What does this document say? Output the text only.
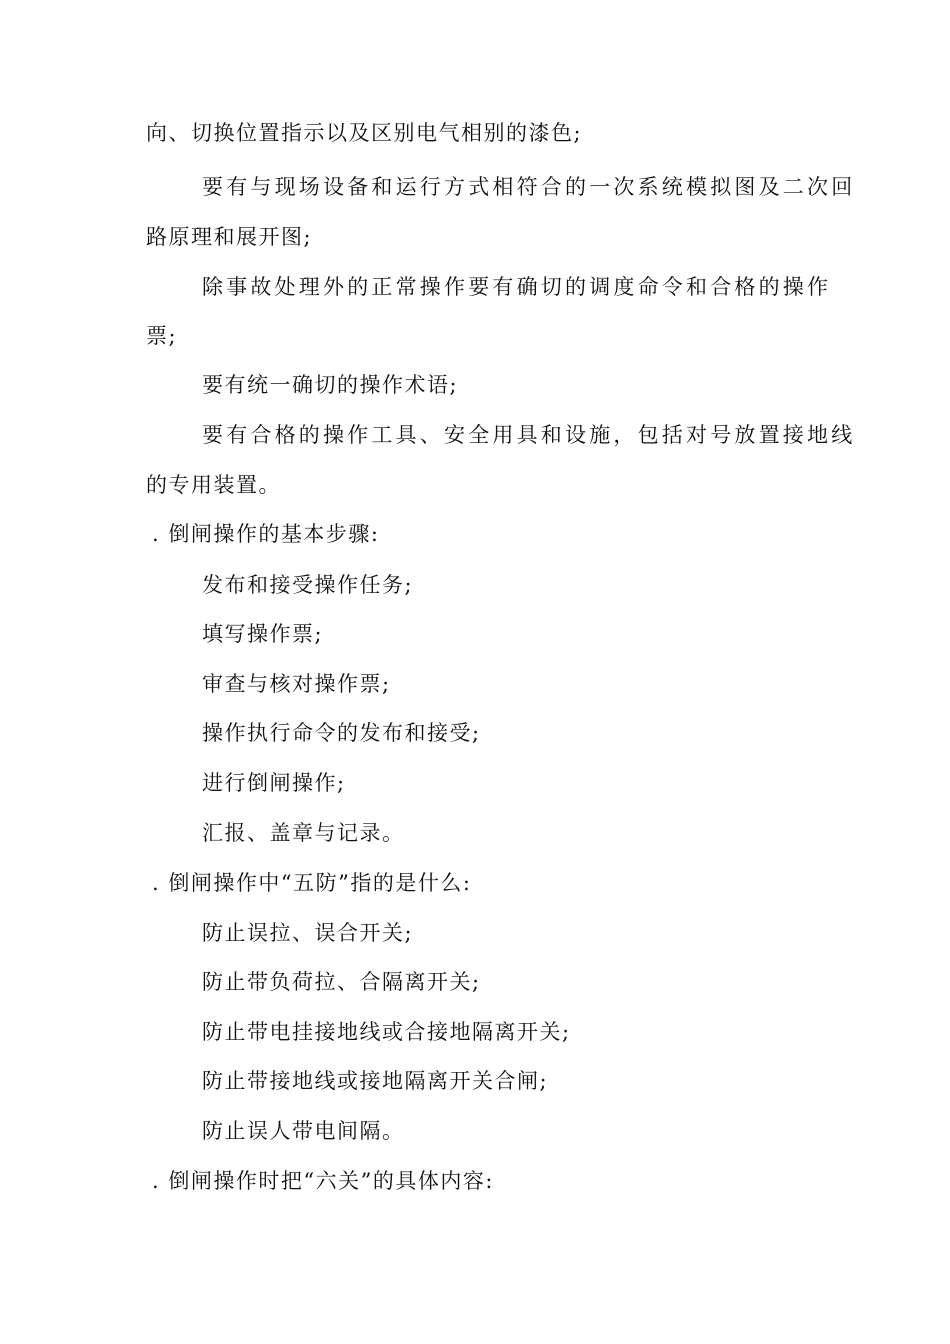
向、切换位置指示以及区别电气相别的漆色;
要有与现场设备和运行方式相符合的一次系统模拟图及二次回
路原理和展开图;
除事故处理外的正常操作要有确切的调度命令和合格的操作
票;
要有统一确切的操作术语;
要有合格的操作工具、安全用具和设施，包括对号放置接地线
的专用装置。
. 倒闸操作的基本步骤:
发布和接受操作任务;
填写操作票;
审查与核对操作票;
操作执行命令的发布和接受;
进行倒闸操作;
汇报、盖章与记录。
. 倒闸操作中“五防”指的是什么:
防止误拉、误合开关;
防止带负荷拉、合隔离开关;
防止带电挂接地线或合接地隔离开关;
防止带接地线或接地隔离开关合闸;
防止误人带电间隔。
. 倒闸操作时把“六关”的具体内容:
